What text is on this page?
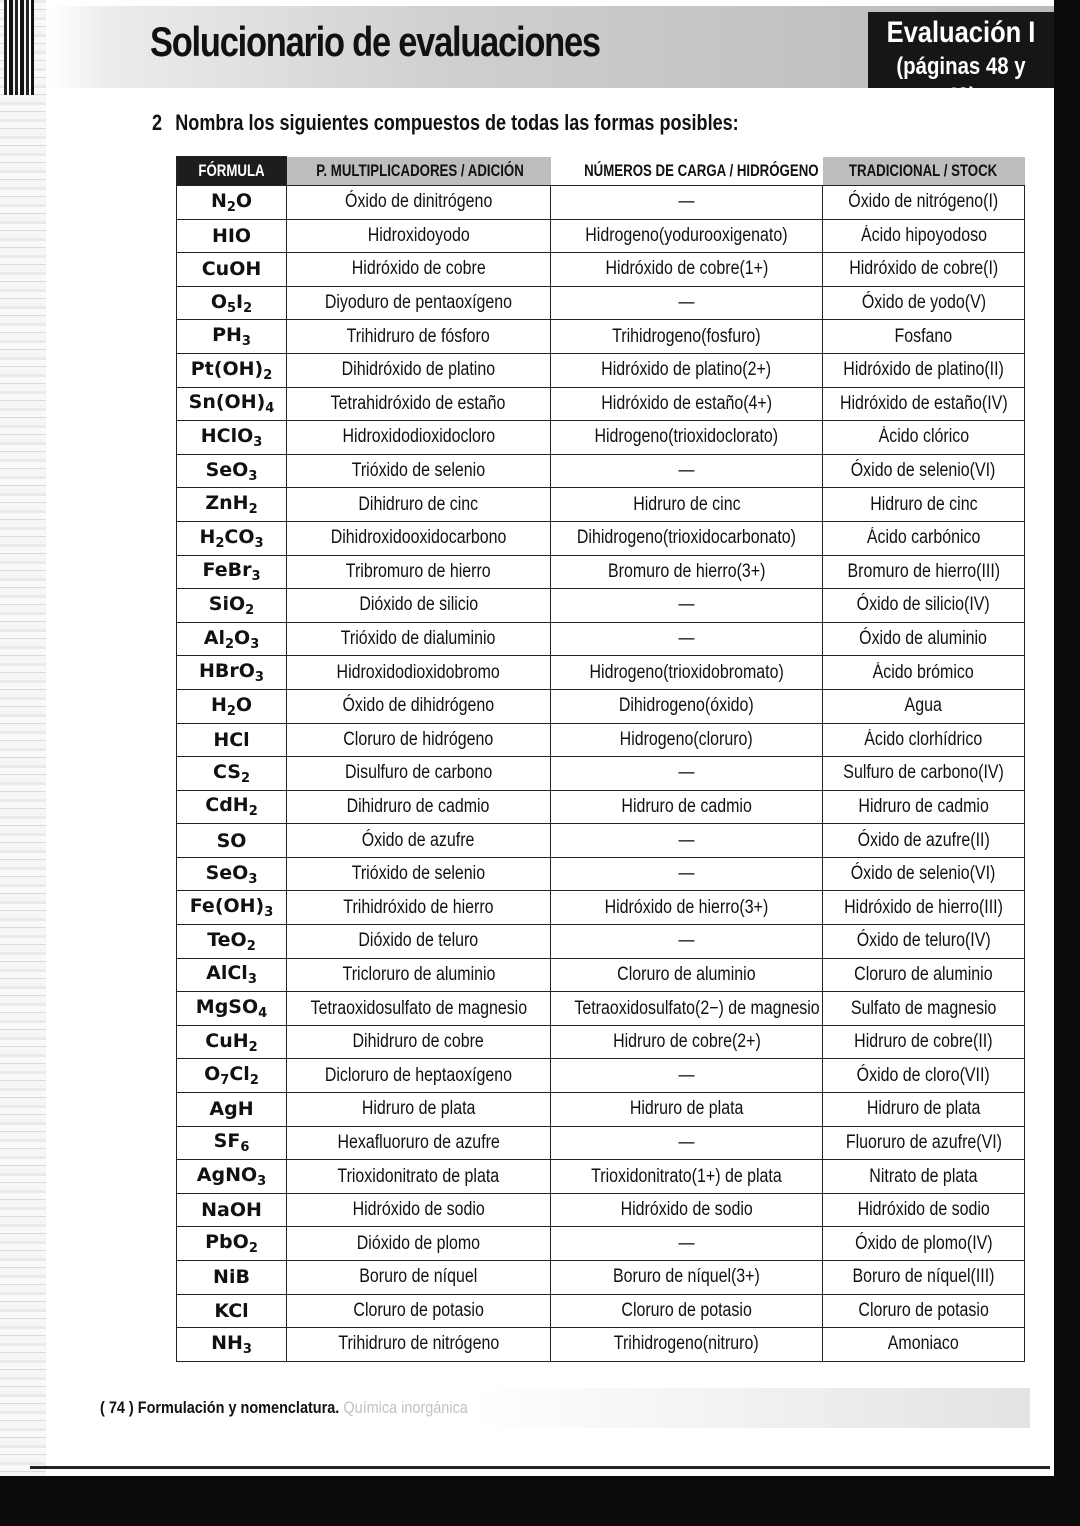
Solucionario de evaluaciones	Evaluación I
(páginas 48 y 49)
2 Nombra los siguientes compuestos de todas las formas posibles:
FÓRMULA	P. MULTIPLICADORES / ADICIÓN	NÚMEROS DE CARGA / HIDRÓGENO	TRADICIONAL / STOCK
$N_2O$	Óxido de dinitrógeno	—	Óxido de nitrógeno(I)
HIO	Hidroxidoyodo	Hidrogeno(yodurooxigenato)	Ácido hipoyodoso
CuOH	Hidróxido de cobre	Hidróxido de cobre(1+)	Hidróxido de cobre(I)
$O_5I_2$	Diyoduro de pentaoxígeno	—	Óxido de yodo(V)
$PH_3$	Trihidruro de fósforo	Trihidrogeno(fosfuro)	Fosfano
$Pt(OH)_2$	Dihidróxido de platino	Hidróxido de platino(2+)	Hidróxido de platino(II)
$Sn(OH)_4$	Tetrahidróxido de estaño	Hidróxido de estaño(4+)	Hidróxido de estaño(IV)
HClO$_3$	Hidroxidodioxidocloro	Hidrogeno(trioxidoclorato)	Ácido clórico
SeO$_3$	Trióxido de selenio	—	Óxido de selenio(VI)
ZnH$_2$	Dihidruro de cinc	Hidruro de cinc	Hidruro de cinc
$H_2CO_3$	Dihidroxidooxidocarbono	Dihidrogeno(trioxidocarbonato)	Ácido carbónico
FeBr$_3$	Tribromuro de hierro	Bromuro de hierro(3+)	Bromuro de hierro(III)
SiO$_2$	Dióxido de silicio	—	Óxido de silicio(IV)
$Al_2O_3$	Trióxido de dialuminio	—	Óxido de aluminio
HBrO$_3$	Hidroxidodioxidobromo	Hidrogeno(trioxidobromato)	Ácido brómico
$H_2O$	Óxido de dihidrógeno	Dihidrogeno(óxido)	Agua
HCl	Cloruro de hidrógeno	Hidrogeno(cloruro)	Ácido clorhídrico
$CS_2$	Disulfuro de carbono	—	Sulfuro de carbono(IV)
CdH$_2$	Dihidruro de cadmio	Hidruro de cadmio	Hidruro de cadmio
SO	Óxido de azufre	—	Óxido de azufre(II)
SeO$_3$	Trióxido de selenio	—	Óxido de selenio(VI)
$Fe(OH)_3$	Trihidróxido de hierro	Hidróxido de hierro(3+)	Hidróxido de hierro(III)
TeO$_2$	Dióxido de teluro	—	Óxido de teluro(IV)
AlCl$_3$	Tricloruro de aluminio	Cloruro de aluminio	Cloruro de aluminio
MgSO$_4$	Tetraoxidosulfato de magnesio	Tetraoxidosulfato(2−) de magnesio	Sulfato de magnesio
CuH$_2$	Dihidruro de cobre	Hidruro de cobre(2+)	Hidruro de cobre(II)
$O_7Cl_2$	Dicloruro de heptaoxígeno	—	Óxido de cloro(VII)
AgH	Hidruro de plata	Hidruro de plata	Hidruro de plata
$SF_6$	Hexafluoruro de azufre	—	Fluoruro de azufre(VI)
AgNO$_3$	Trioxidonitrato de plata	Trioxidonitrato(1+) de plata	Nitrato de plata
NaOH	Hidróxido de sodio	Hidróxido de sodio	Hidróxido de sodio
PbO$_2$	Dióxido de plomo	—	Óxido de plomo(IV)
NiB	Boruro de níquel	Boruro de níquel(3+)	Boruro de níquel(III)
KCl	Cloruro de potasio	Cloruro de potasio	Cloruro de potasio
$NH_3$	Trihidruro de nitrógeno	Trihidrogeno(nitruro)	Amoniaco
( 74 ) Formulación y nomenclatura. Química inorgánica
